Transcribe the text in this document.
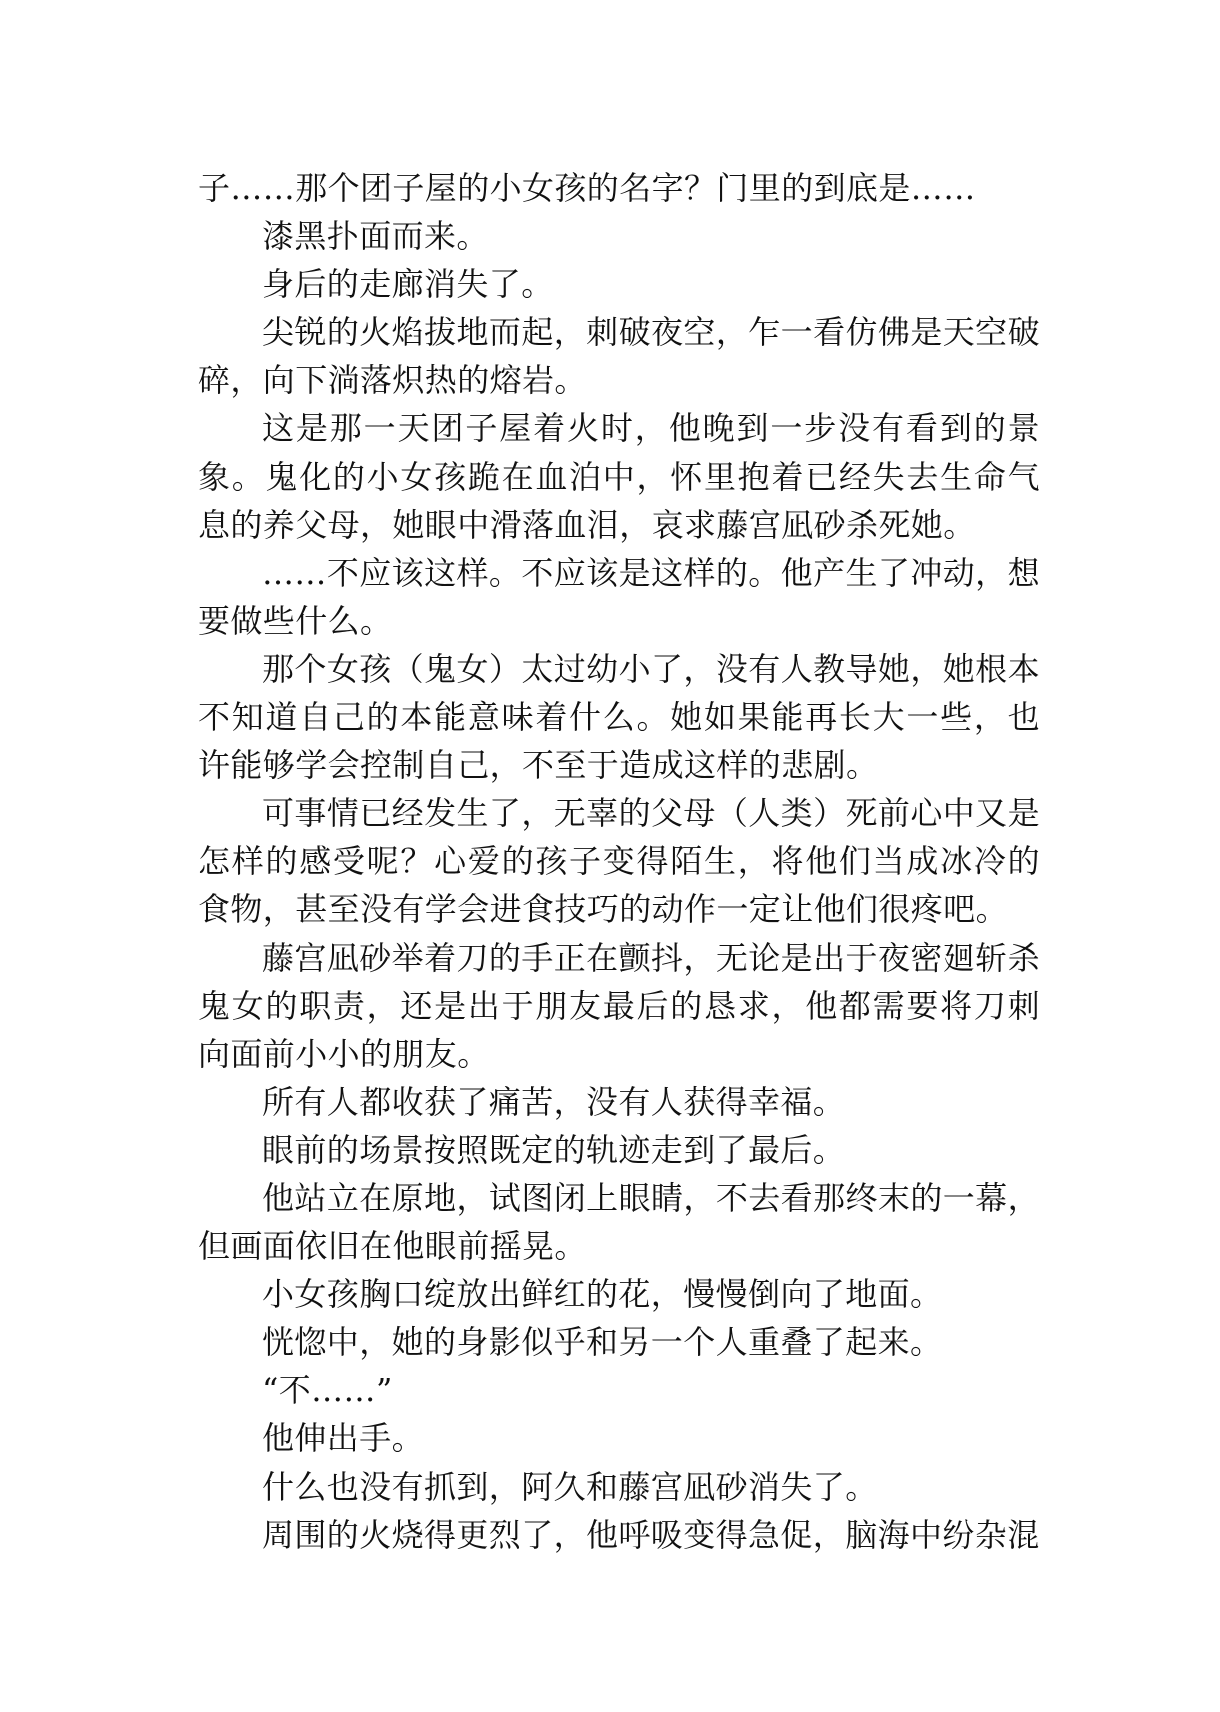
子……那个团子屋的小女孩的名字？门里的到底是……

漆黑扑面而来。

身后的走廊消失了。

尖锐的火焰拔地而起，刺破夜空，乍一看仿佛是天空破碎，向下淌落炽热的熔岩。

这是那一天团子屋着火时，他晚到一步没有看到的景象。鬼化的小女孩跪在血泊中，怀里抱着已经失去生命气息的养父母，她眼中滑落血泪，哀求藤宫凪砂杀死她。

……不应该这样。不应该是这样的。他产生了冲动，想要做些什么。

那个女孩（鬼女）太过幼小了，没有人教导她，她根本不知道自己的本能意味着什么。她如果能再长大一些，也许能够学会控制自己，不至于造成这样的悲剧。

可事情已经发生了，无辜的父母（人类）死前心中又是怎样的感受呢？心爱的孩子变得陌生，将他们当成冰冷的食物，甚至没有学会进食技巧的动作一定让他们很疼吧。

藤宫凪砂举着刀的手正在颤抖，无论是出于夜密廻斩杀鬼女的职责，还是出于朋友最后的恳求，他都需要将刀刺向面前小小的朋友。

所有人都收获了痛苦，没有人获得幸福。

眼前的场景按照既定的轨迹走到了最后。

他站立在原地，试图闭上眼睛，不去看那终末的一幕，但画面依旧在他眼前摇晃。

小女孩胸口绽放出鲜红的花，慢慢倒向了地面。

恍惚中，她的身影似乎和另一个人重叠了起来。

“不……”

他伸出手。

什么也没有抓到，阿久和藤宫凪砂消失了。

周围的火烧得更烈了，他呼吸变得急促，脑海中纷杂混
